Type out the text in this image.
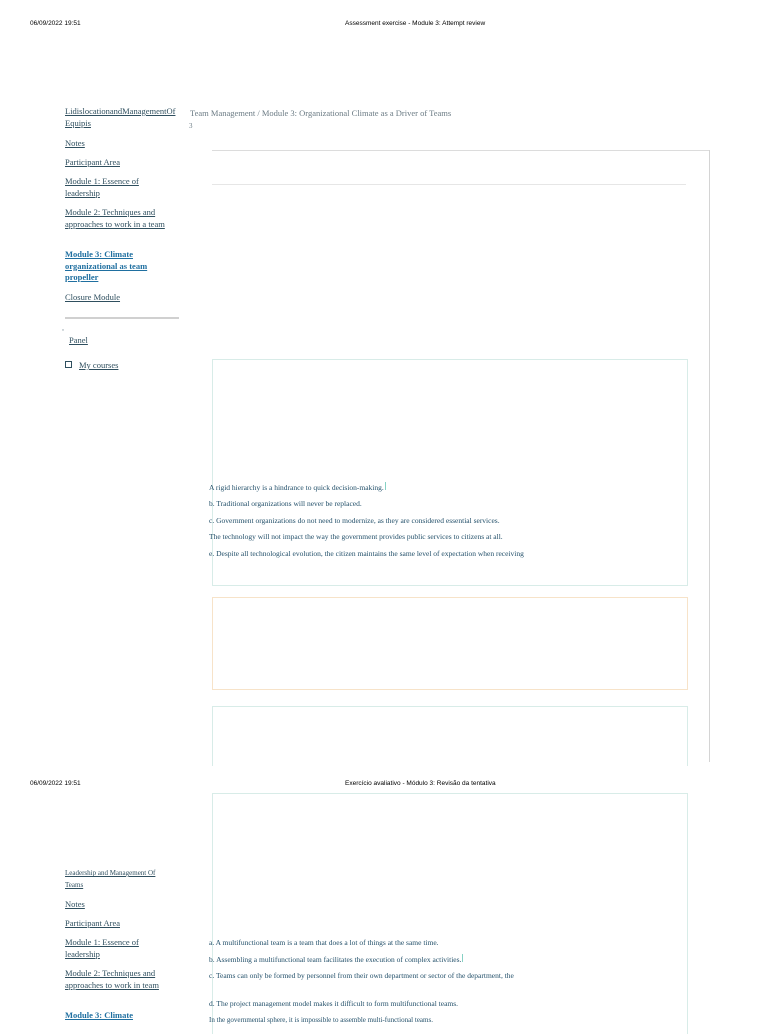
06/09/2022 19:51	Assessment exercise - Module 3: Attempt review
Team Management / Module 3: Organizational Climate as a Driver of Teams
3
LidislocationandManagementOf Equipis
Notes
Participant Area
Module 1: Essence of leadership
Module 2: Techniques and approaches to work in a team
Module 3: Climate organizational as team propeller
Closure Module
ˆ
Panel
My courses
A rigid hierarchy is a hindrance to quick decision-making.
b. Traditional organizations will never be replaced.
c. Government organizations do not need to modernize, as they are considered essential services.
The technology will not impact the way the government provides public services to citizens at all.
e. Despite all technological evolution, the citizen maintains the same level of expectation when receiving
06/09/2022 19:51	Exercício avaliativo - Módulo 3: Revisão da tentativa
Leadership and Management Of Teams
Notes
Participant Area
Module 1: Essence of leadership
Module 2: Techniques and approaches to work in team
Module 3: Climate
a. A multifunctional team is a team that does a lot of things at the same time.
b. Assembling a multifunctional team facilitates the execution of complex activities.
c. Teams can only be formed by personnel from their own department or sector of the department, the
d. The project management model makes it difficult to form multifunctional teams.
In the governmental sphere, it is impossible to assemble multi-functional teams.
